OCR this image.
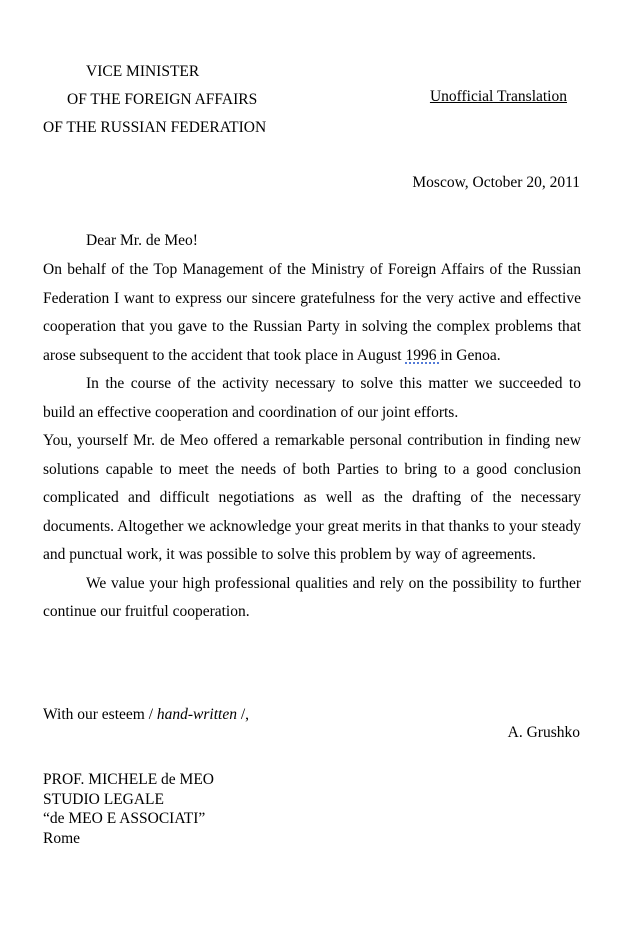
VICE MINISTER
OF THE FOREIGN AFFAIRS
OF THE RUSSIAN FEDERATION
Unofficial Translation
Moscow, October 20, 2011
Dear Mr. de Meo!

On behalf of the Top Management of the Ministry of Foreign Affairs of the Russian Federation I want to express our sincere gratefulness for the very active and effective cooperation that you gave to the Russian Party in solving the complex problems that arose subsequent to the accident that took place in August 1996 in Genoa.

In the course of the activity necessary to solve this matter we succeeded to build an effective cooperation and coordination of our joint efforts.

You, yourself Mr. de Meo offered a remarkable personal contribution in finding new solutions capable to meet the needs of both Parties to bring to a good conclusion complicated and difficult negotiations as well as the drafting of the necessary documents. Altogether we acknowledge your great merits in that thanks to your steady and punctual work, it was possible to solve this problem by way of agreements.

We value your high professional qualities and rely on the possibility to further continue our fruitful cooperation.

With our esteem / hand-written /,
A. Grushko
PROF. MICHELE de MEO
STUDIO LEGALE
“de MEO E ASSOCIATI”
Rome
